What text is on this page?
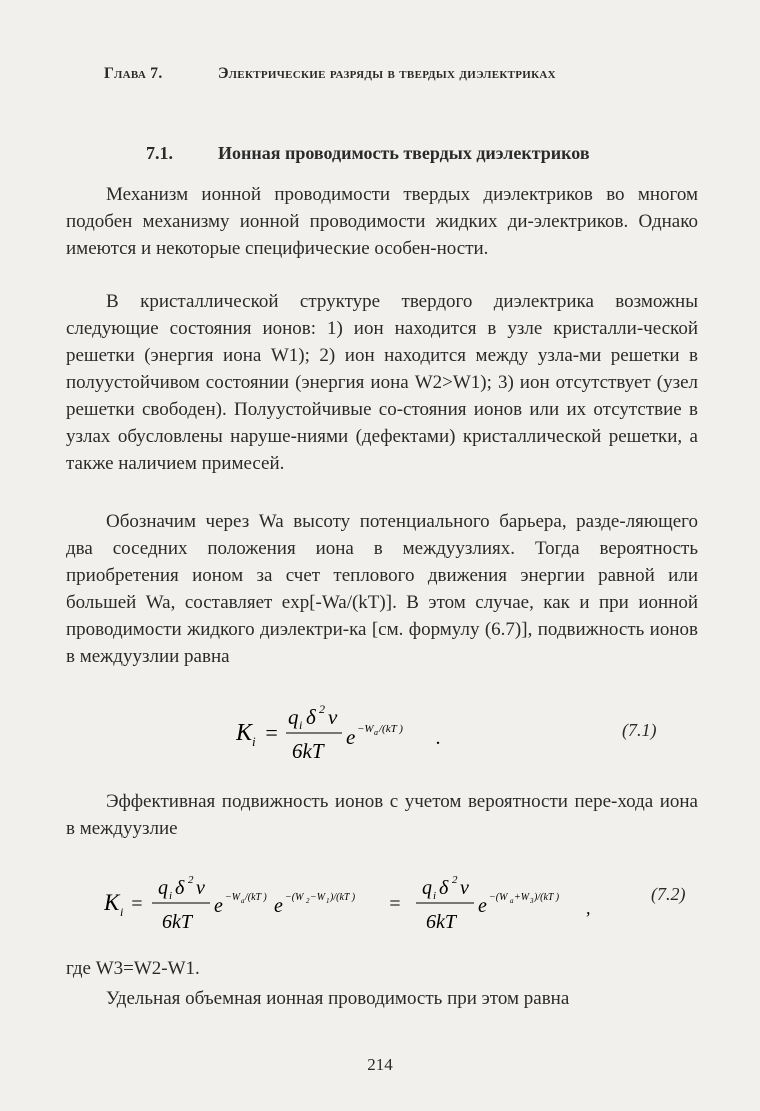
Глава 7.	Электрические разряды в твердых диэлектриках
7.1.	Ионная проводимость твердых диэлектриков

Механизм ионной проводимости твердых диэлектриков во многом подобен механизму ионной проводимости жидких ди-электриков. Однако имеются и некоторые специфические особен-ности.

В кристаллической структуре твердого диэлектрика возможны следующие состояния ионов: 1) ион находится в узле кристалли-ческой решетки (энергия иона W1); 2) ион находится между узла-ми решетки в полуустойчивом состоянии (энергия иона W2>W1); 3) ион отсутствует (узел решетки свободен). Полуустойчивые со-стояния ионов или их отсутствие в узлах обусловлены наруше-ниями (дефектами) кристаллической решетки, а также наличием примесей.

Обозначим через Wa высоту потенциального барьера, разде-ляющего два соседних положения иона в междуузлиях. Тогда вероятность приобретения ионом за счет теплового движения энергии равной или большей Wa, составляет exp[-Wa/(kT)]. В этом случае, как и при ионной проводимости жидкого диэлектри-ка [см. формулу (6.7)], подвижность ионов в междуузлии равна

K i =
q i δ 2 ν
6kT
e −W a /(kT ) .	(7.1)

Эффективная подвижность ионов с учетом вероятности пере-хода иона в междуузлие

K i =
q i δ 2 ν
6kT
e −W a /(kT ) e −(W 2 −W 1 )/(kT ) =
q i δ 2 ν
6kT
e −(W a +W 3 )/(kT )
,
(7.2)

где W3=W2-W1.

Удельная объемная ионная проводимость при этом равна

214
